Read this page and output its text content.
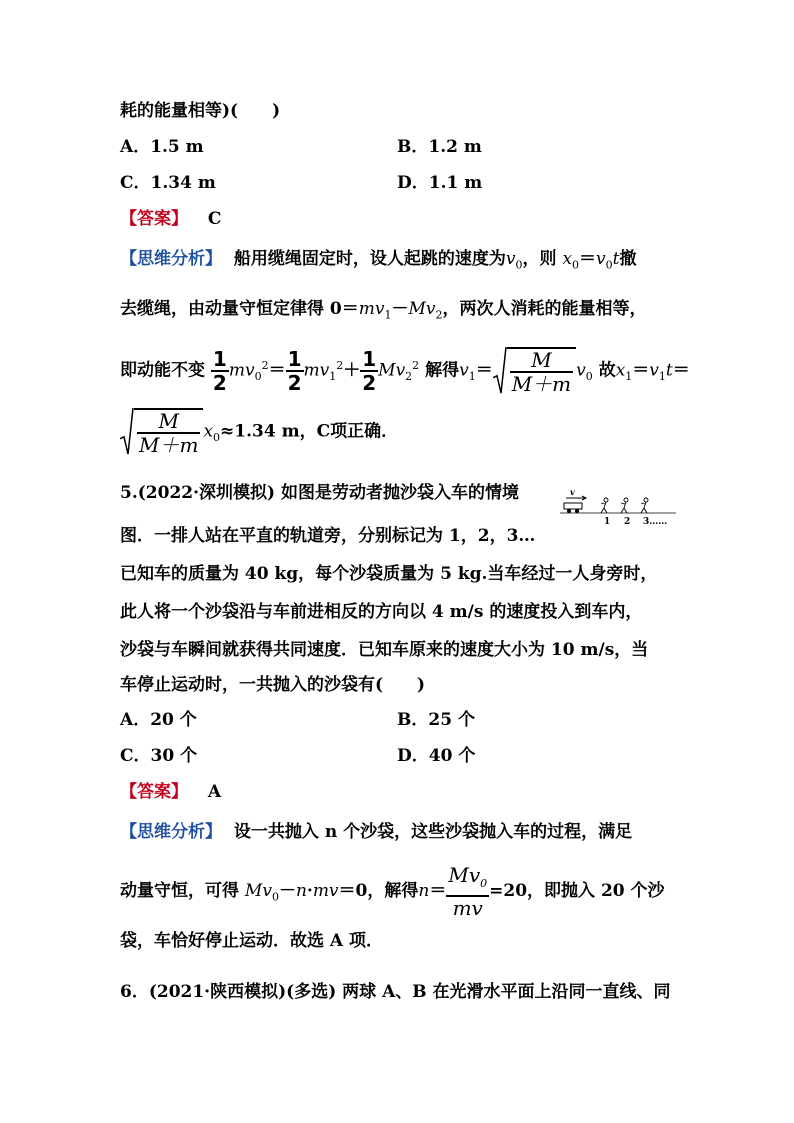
耗的能量相等)(　　)
A．1.5 m	B．1.2 m
C．1.34 m	D．1.1 m
【答案】 C
【思维分析】 船用缆绳固定时，设人起跳的速度为$v_0$，则 $x_0=v_0t$撤
去缆绳，由动量守恒定律得 $0=mv_1-Mv_2$，两次人消耗的能量相等，
即动能不变 $\frac{1}{2} mv_0^2= \frac{1}{2} mv_1^2+ \frac{1}{2} Mv_2^2$ 解得$v_1= \frac{M}{M+m} v_0$ 故$x_1=v_1t=$
$\frac{M}{M+m} x_0\approx 1.34$ m，C项正确．
5.(2022·深圳模拟) 如图是劳动者抛沙袋入车的情境	v
1 2 3……
图．一排人站在平直的轨道旁，分别标记为 1，2，3…
已知车的质量为 40 kg，每个沙袋质量为 5 kg.当车经过一人身旁时，
此人将一个沙袋沿与车前进相反的方向以 4 m/s 的速度投入到车内，
沙袋与车瞬间就获得共同速度．已知车原来的速度大小为 10 m/s，当
车停止运动时，一共抛入的沙袋有(　　)
A．20 个	B．25 个
C．30 个	D．40 个
【答案】 A
【思维分析】 设一共抛入 n 个沙袋，这些沙袋抛入车的过程，满足
动量守恒，可得 $Mv_0-n\cdot mv=0$，解得$n= \frac{Mv_0}{mv} =20$，即抛入 20 个沙
袋，车恰好停止运动．故选 A 项．
6．(2021·陕西模拟)(多选) 两球 A、B 在光滑水平面上沿同一直线、同
